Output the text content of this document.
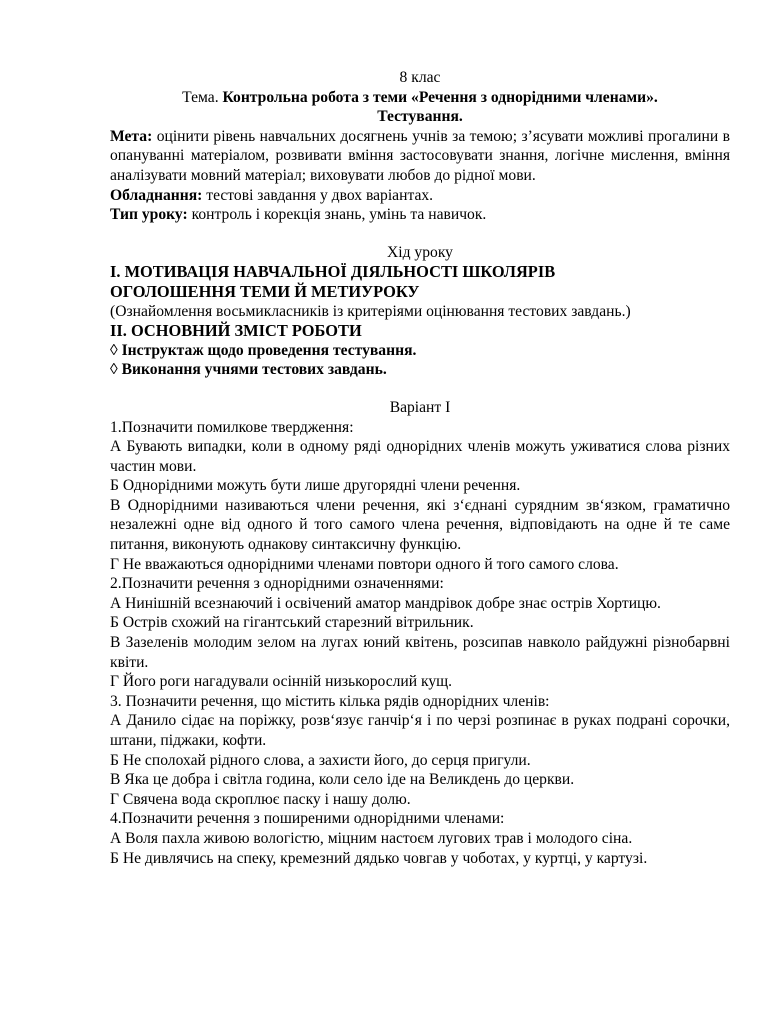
8 клас

Тема. Контрольна робота з теми «Речення з однорідними членами».

Тестування.

Мета: оцінити рівень навчальних досягнень учнів за темою; з’ясувати можливі прогалини в опануванні матеріалом, розвивати вміння застосовувати знання, логічне мислення, вміння аналізувати мовний матеріал; виховувати любов до рідної мови.

Обладнання: тестові завдання у двох варіантах.

Тип уроку: контроль і корекція знань, умінь та навичок.

Хід уроку

I. МОТИВАЦІЯ НАВЧАЛЬНОЇ ДІЯЛЬНОСТІ ШКОЛЯРІВ

ОГОЛОШЕННЯ ТЕМИ Й МЕТИУРОКУ

(Ознайомлення восьмикласників із критеріями оцінювання тестових завдань.)

II. ОСНОВНИЙ ЗМІСТ РОБОТИ

◊ Інструктаж щодо проведення тестування.

◊ Виконання учнями тестових завдань.

Варіант I

1.Позначити помилкове твердження:

А Бувають випадки, коли в одному ряді однорідних членів можуть уживатися слова різних частин мови.

Б Однорідними можуть бути лише другорядні члени речення.

В Однорідними називаються члени речення, які з‘єднані сурядним зв‘язком, граматично незалежні одне від одного й того самого члена речення, відповідають на одне й те саме питання, виконують однакову синтаксичну функцію.

Г Не вважаються однорідними членами повтори одного й того самого слова.

2.Позначити речення з однорідними означеннями:

А Нинішній всезнаючий і освічений аматор мандрівок добре знає острів Хортицю.

Б Острів схожий на гігантський старезний вітрильник.

В Зазеленів молодим зелом на лугах юний квітень, розсипав навколо райдужні різнобарвні квіти.

Г Його роги нагадували осінній низькорослий кущ.

3. Позначити речення, що містить кілька рядів однорідних членів:

А Данило сідає на поріжку, розв‘язує ганчір‘я і по черзі розпинає в руках подрані сорочки, штани, піджаки, кофти.

Б Не сполохай рідного слова, а захисти його, до серця пригули.

В Яка це добра і світла година, коли село іде на Великдень до церкви.

Г Свячена вода скроплює паску і нашу долю.

4.Позначити речення з поширеними однорідними членами:

А Воля пахла живою вологістю, міцним настоєм лугових трав і молодого сіна.

Б Не дивлячись на спеку, кремезний дядько човгав у чоботах, у куртці, у картузі.
